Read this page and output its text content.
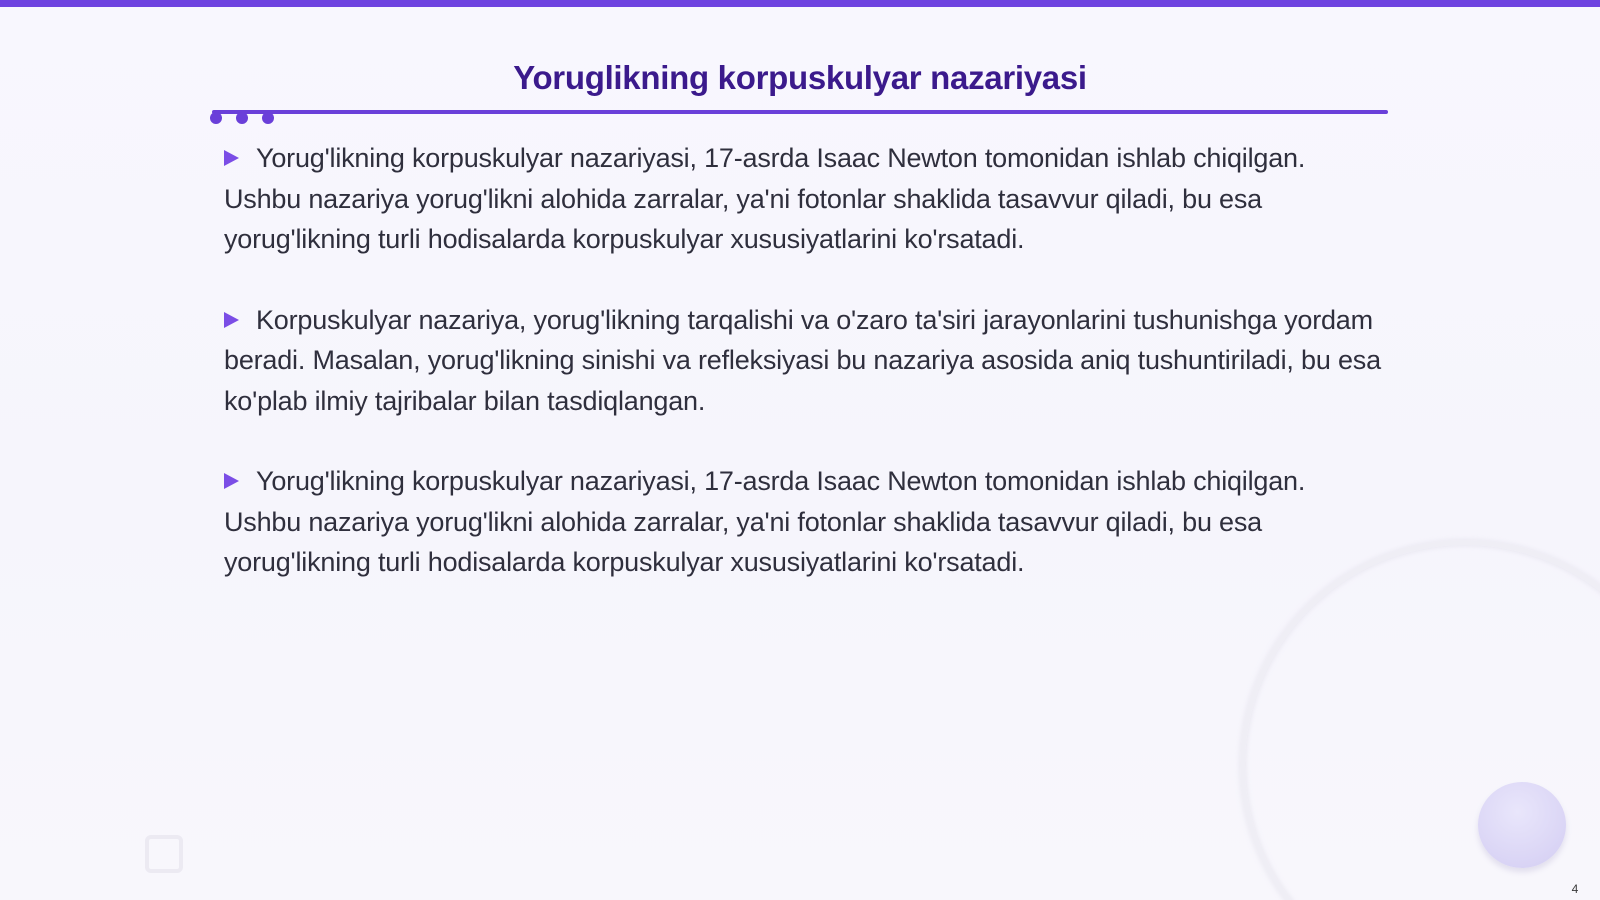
Yoruglikning korpuskulyar nazariyasi

Yorug'likning korpuskulyar nazariyasi, 17-asrda Isaac Newton tomonidan ishlab chiqilgan. Ushbu nazariya yorug'likni alohida zarralar, ya'ni fotonlar shaklida tasavvur qiladi, bu esa yorug'likning turli hodisalarda korpuskulyar xususiyatlarini ko'rsatadi.

Korpuskulyar nazariya, yorug'likning tarqalishi va o'zaro ta'siri jarayonlarini tushunishga yordam beradi. Masalan, yorug'likning sinishi va refleksiyasi bu nazariya asosida aniq tushuntiriladi, bu esa ko'plab ilmiy tajribalar bilan tasdiqlangan.

Yorug'likning korpuskulyar nazariyasi, 17-asrda Isaac Newton tomonidan ishlab chiqilgan. Ushbu nazariya yorug'likni alohida zarralar, ya'ni fotonlar shaklida tasavvur qiladi, bu esa yorug'likning turli hodisalarda korpuskulyar xususiyatlarini ko'rsatadi.

4
